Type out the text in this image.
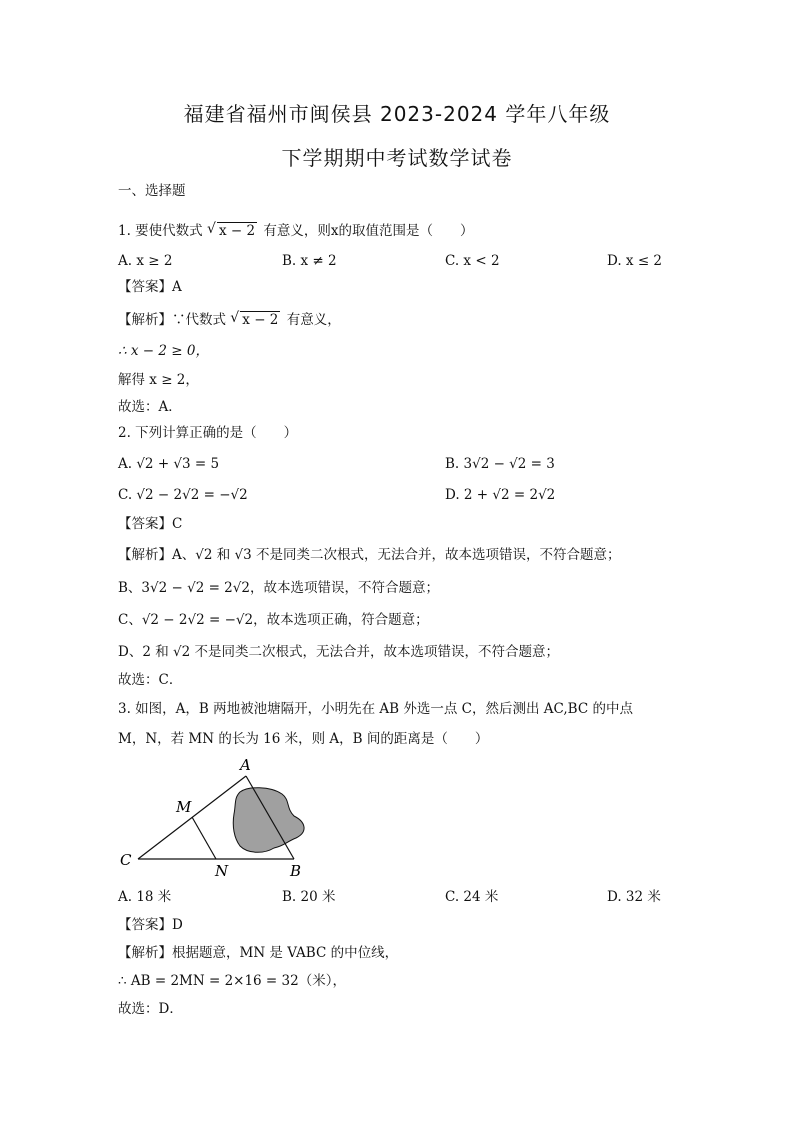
福建省福州市闽侯县 2023-2024 学年八年级
下学期期中考试数学试卷
一、选择题
1. 要使代数式 √ x − 2 有意义，则x的取值范围是（　　）
A. x ≥ 2	B. x ≠ 2	C. x < 2	D. x ≤ 2
【答案】A
【解析】∵代数式 √ x − 2 有意义，
∴ x − 2 ≥ 0，
解得 x ≥ 2，
故选：A．
2. 下列计算正确的是（　　）
A. √2 + √3 = 5	B. 3√2 − √2 = 3
C. √2 − 2√2 = −√2	D. 2 + √2 = 2√2
【答案】C
【解析】A、√2 和 √3 不是同类二次根式，无法合并，故本选项错误，不符合题意；
B、3√2 − √2 = 2√2，故本选项错误，不符合题意；
C、√2 − 2√2 = −√2，故本选项正确，符合题意；
D、2 和 √2 不是同类二次根式，无法合并，故本选项错误，不符合题意；
故选：C．
3. 如图，A，B 两地被池塘隔开，小明先在 AB 外选一点 C，然后测出 AC,BC 的中点
M，N，若 MN 的长为 16 米，则 A，B 间的距离是（　　）
A
M
C
N	B
A. 18 米	B. 20 米	C. 24 米	D. 32 米
【答案】D
【解析】根据题意，MN 是 VABC 的中位线，
∴ AB = 2MN = 2×16 = 32（米），
故选：D．
